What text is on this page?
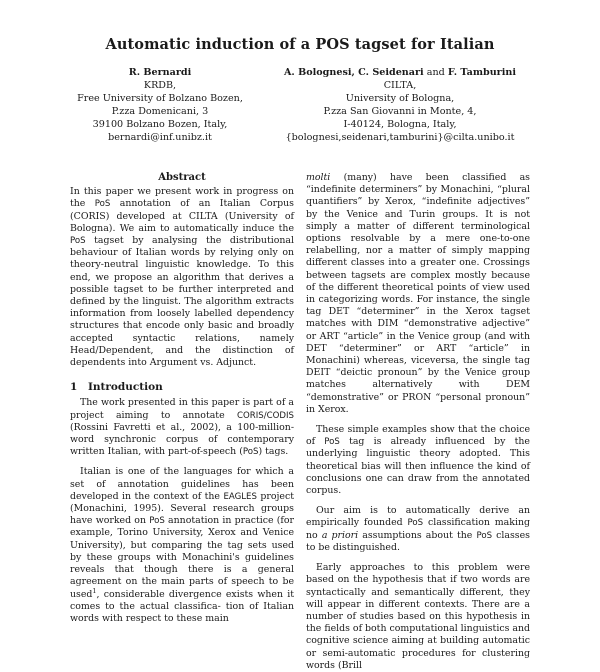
Automatic induction of a POS tagset for Italian
R. Bernardi
KRDB,
Free University of Bolzano Bozen,
P.zza Domenicani, 3
39100 Bolzano Bozen, Italy,
bernardi@inf.unibz.it
A. Bolognesi, C. Seidenari and F. Tamburini
CILTA,
University of Bologna,
P.zza San Giovanni in Monte, 4,
I-40124, Bologna, Italy,
{bolognesi,seidenari,tamburini}@cilta.unibo.it
Abstract

In this paper we present work in progress on the PoS annotation of an Italian Corpus (CORIS) developed at CILTA (University of Bologna). We aim to automatically induce the PoS tagset by analysing the distributional behaviour of Italian words by relying only on theory-neutral linguistic knowledge. To this end, we propose an algorithm that derives a possible tagset to be further interpreted and defined by the linguist. The algorithm extracts information from loosely labelled dependency structures that encode only basic and broadly accepted syntactic relations, namely Head/Dependent, and the distinction of dependents into Argument vs. Adjunct.

1 Introduction

The work presented in this paper is part of a project aiming to annotate CORIS/CODIS (Rossini Favretti et al., 2002), a 100-million-word synchronic corpus of contemporary written Italian, with part-of-speech (PoS) tags.

Italian is one of the languages for which a set of annotation guidelines has been developed in the context of the EAGLES project (Monachini, 1995). Several research groups have worked on PoS annotation in practice (for example, Torino University, Xerox and Venice University), but comparing the tag sets used by these groups with Monachini's guidelines reveals that though there is a general agreement on the main parts of speech to be used$^1$, considerable divergence exists when it comes to the actual classifica- tion of Italian words with respect to these main

molti (many) have been classified as “indefinite determiners” by Monachini, “plural quantifiers” by Xerox, “indefinite adjectives” by the Venice and Turin groups. It is not simply a matter of different terminological options resolvable by a mere one-to-one relabelling, nor a matter of simply mapping different classes into a greater one. Crossings between tagsets are complex mostly because of the different theoretical points of view used in categorizing words. For instance, the single tag DET “determiner” in the Xerox tagset matches with DIM “demonstrative adjective” or ART “article” in the Venice group (and with DET “determiner” or ART “article” in Monachini) whereas, viceversa, the single tag DEIT “deictic pronoun” by the Venice group matches alternatively with DEM “demonstrative” or PRON “personal pronoun” in Xerox.

These simple examples show that the choice of PoS tag is already influenced by the underlying linguistic theory adopted. This theoretical bias will then influence the kind of conclusions one can draw from the annotated corpus.

Our aim is to automatically derive an empirically founded PoS classification making no a priori assumptions about the PoS classes to be distinguished.

Early approaches to this problem were based on the hypothesis that if two words are syntactically and semantically different, they will appear in different contexts. There are a number of studies based on this hypothesis in the fields of both computational linguistics and cognitive science aiming at building automatic or semi-automatic procedures for clustering words (Brill
